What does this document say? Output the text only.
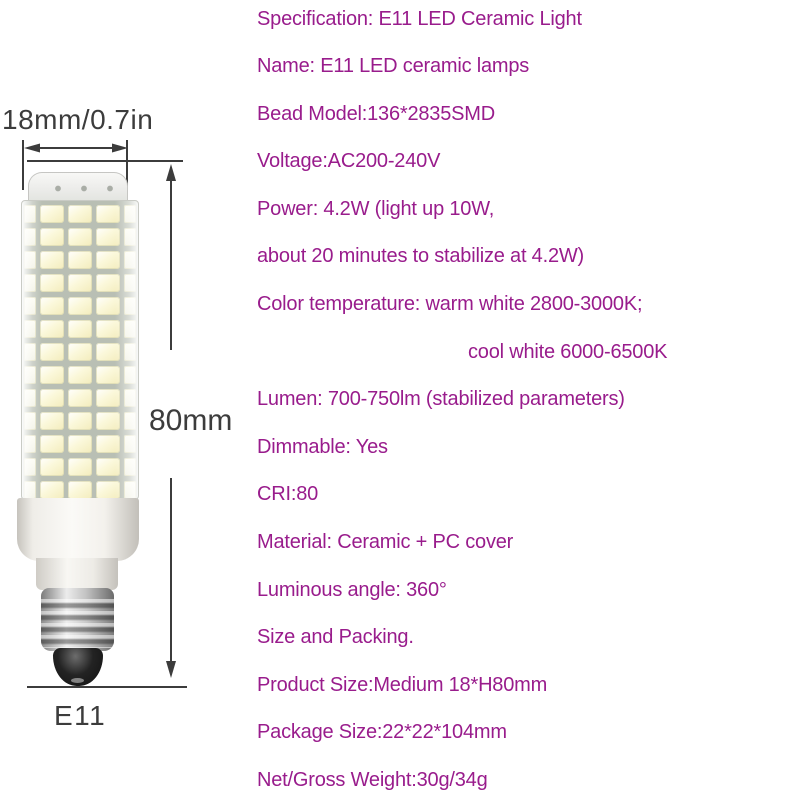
18mm/0.7in
80mm
E11
Specification: E11 LED Ceramic Light
Name: E11 LED ceramic lamps
Bead Model:136*2835SMD
Voltage:AC200-240V
Power: 4.2W (light up 10W,
about 20 minutes to stabilize at 4.2W)
Color temperature: warm white 2800-3000K;
cool white 6000-6500K
Lumen: 700-750lm (stabilized parameters)
Dimmable: Yes
CRI:80
Material: Ceramic + PC cover
Luminous angle: 360°
Size and Packing.
Product Size:Medium 18*H80mm
Package Size:22*22*104mm
Net/Gross Weight:30g/34g
